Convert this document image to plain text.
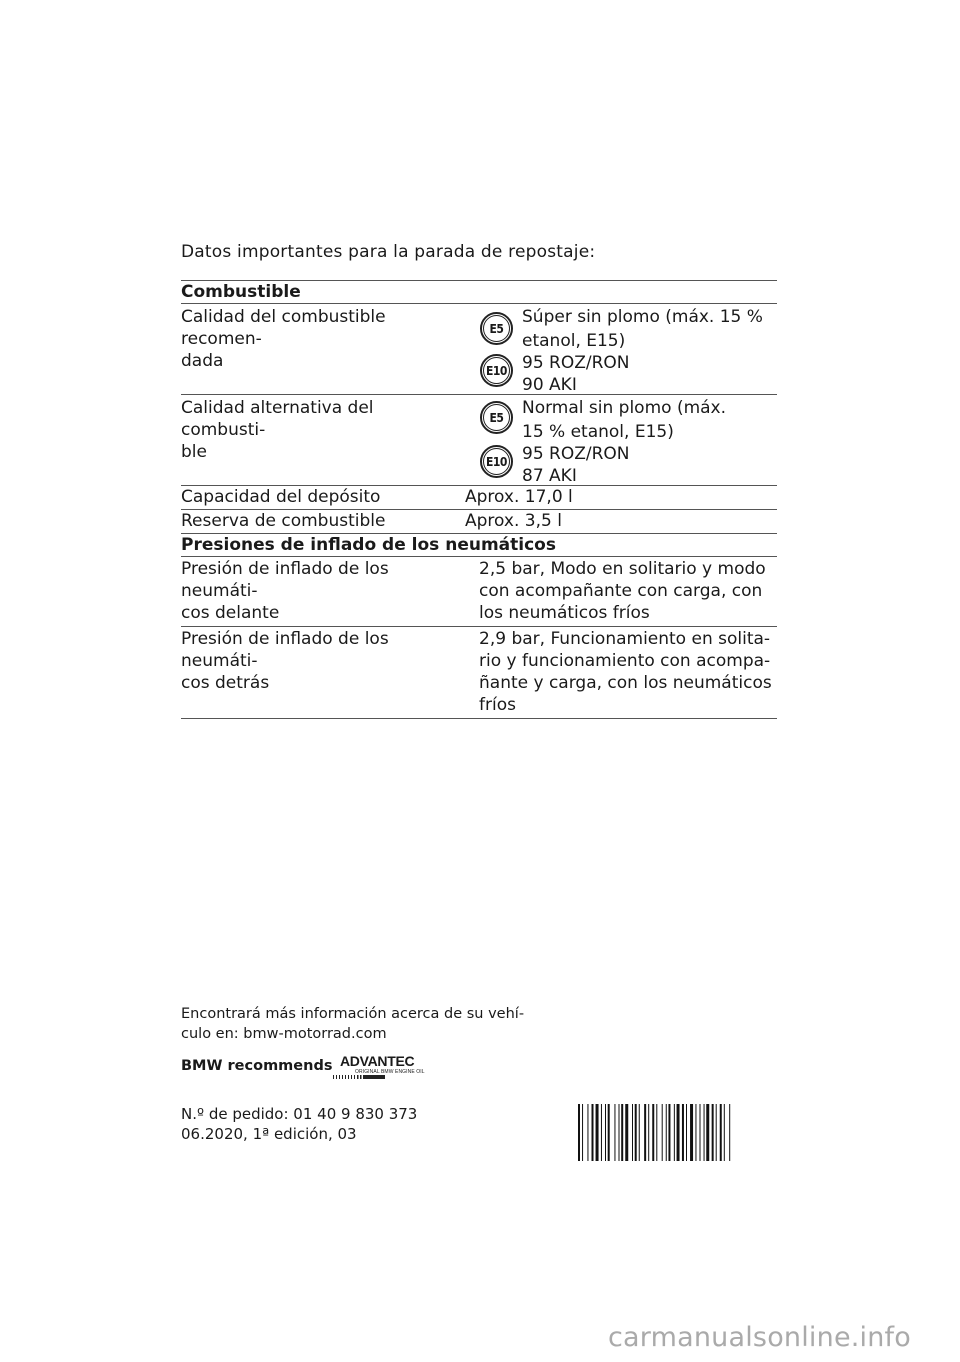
Datos importantes para la parada de repostaje:
Combustible
Calidad del combustible recomen-
dada
E5
E10
Súper sin plomo (máx. 15 %
etanol, E15)
95 ROZ/RON
90 AKI
Calidad alternativa del combusti-
ble
E5
E10
Normal sin plomo (máx.
15 % etanol, E15)
95 ROZ/RON
87 AKI
Capacidad del depósito	Aprox. 17,0 l
Reserva de combustible	Aprox. 3,5 l
Presiones de inflado de los neumáticos
Presión de inflado de los neumáti-
cos delante
2,5 bar, Modo en solitario y modo
con acompañante con carga, con
los neumáticos fríos
Presión de inflado de los neumáti-
cos detrás
2,9 bar, Funcionamiento en solita-
rio y funcionamiento con acompa-
ñante y carga, con los neumáticos
fríos
Encontrará más información acerca de su vehí-
culo en: bmw-motorrad.com
BMW recommends ADVANTEC
ORIGINAL BMW ENGINE OIL
N.º de pedido: 01 40 9 830 373
06.2020, 1ª edición, 03
carmanualsonline.info
